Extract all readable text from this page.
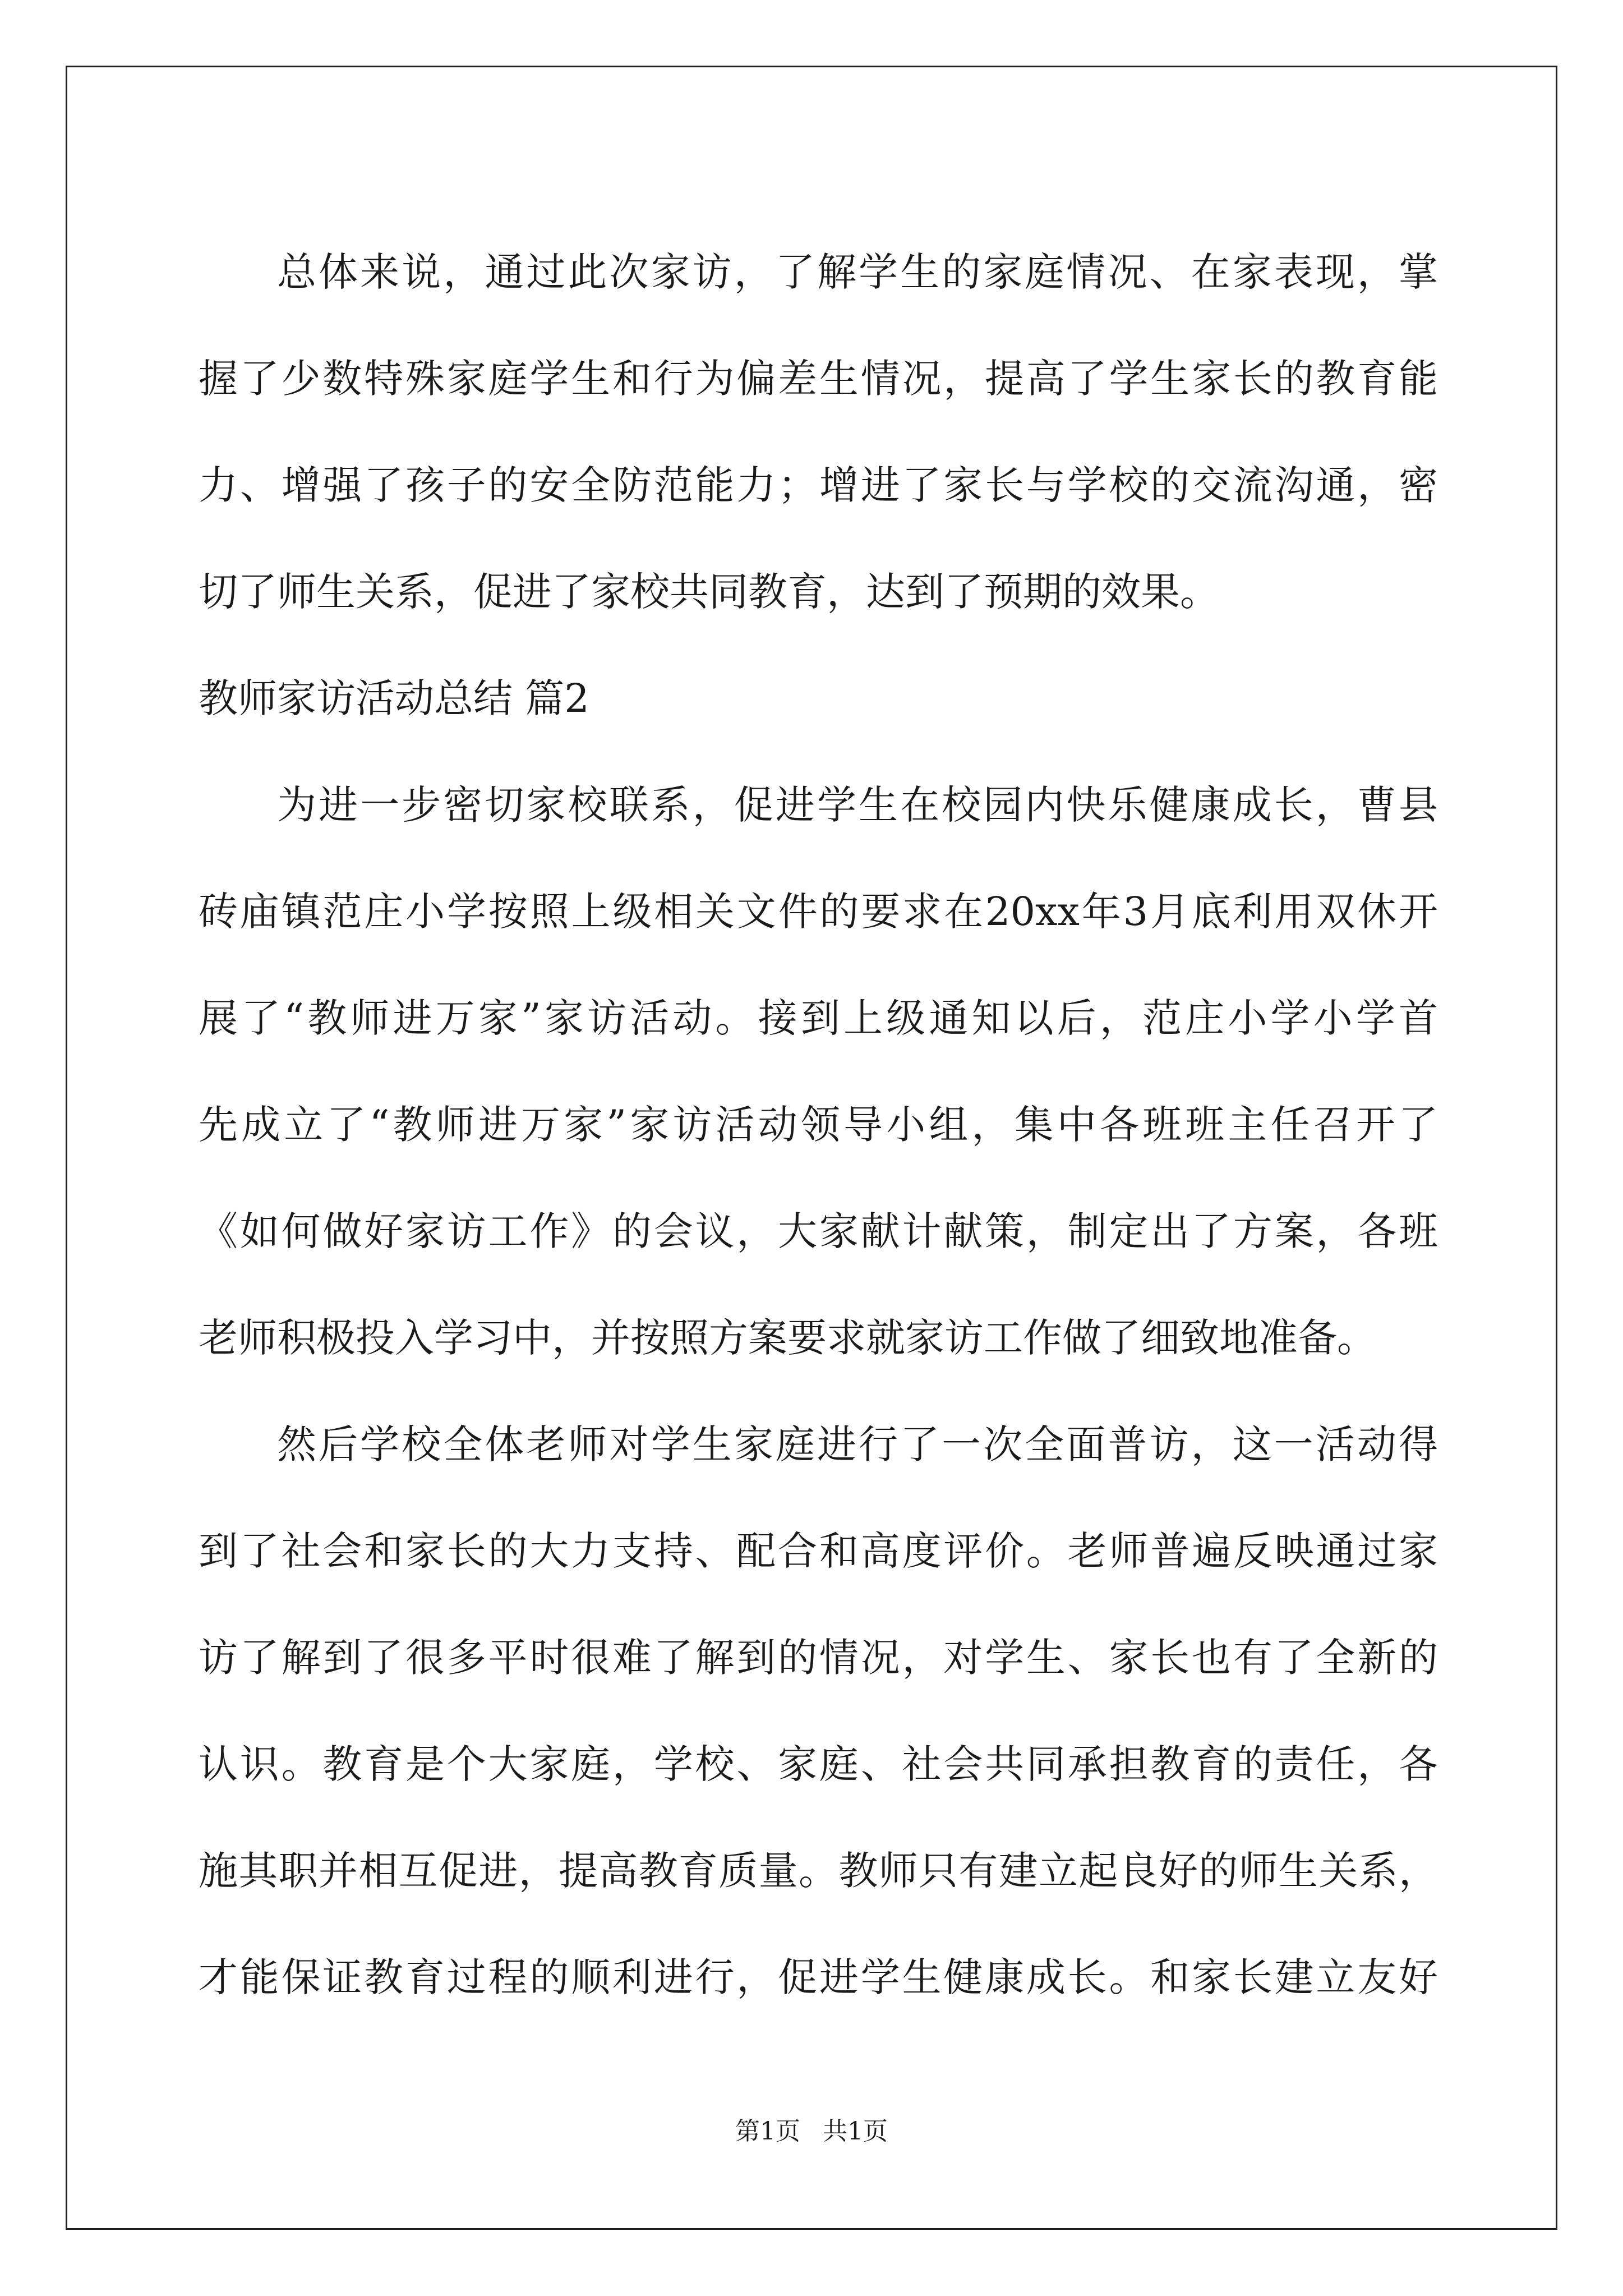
总体来说，通过此次家访，了解学生的家庭情况、在家表现，掌
握了少数特殊家庭学生和行为偏差生情况，提高了学生家长的教育能
力、增强了孩子的安全防范能力；增进了家长与学校的交流沟通，密
切了师生关系，促进了家校共同教育，达到了预期的效果。
教师家访活动总结 篇2
为进一步密切家校联系，促进学生在校园内快乐健康成长，曹县
砖庙镇范庄小学按照上级相关文件的要求在20xx年3月底利用双休开
展了“教师进万家”家访活动。接到上级通知以后，范庄小学小学首
先成立了“教师进万家”家访活动领导小组，集中各班班主任召开了
《如何做好家访工作》的会议，大家献计献策，制定出了方案，各班
老师积极投入学习中，并按照方案要求就家访工作做了细致地准备。
然后学校全体老师对学生家庭进行了一次全面普访，这一活动得
到了社会和家长的大力支持、配合和高度评价。老师普遍反映通过家
访了解到了很多平时很难了解到的情况，对学生、家长也有了全新的
认识。教育是个大家庭，学校、家庭、社会共同承担教育的责任，各
施其职并相互促进，提高教育质量。教师只有建立起良好的师生关系，
才能保证教育过程的顺利进行，促进学生健康成长。和家长建立友好
第1页 共1页
